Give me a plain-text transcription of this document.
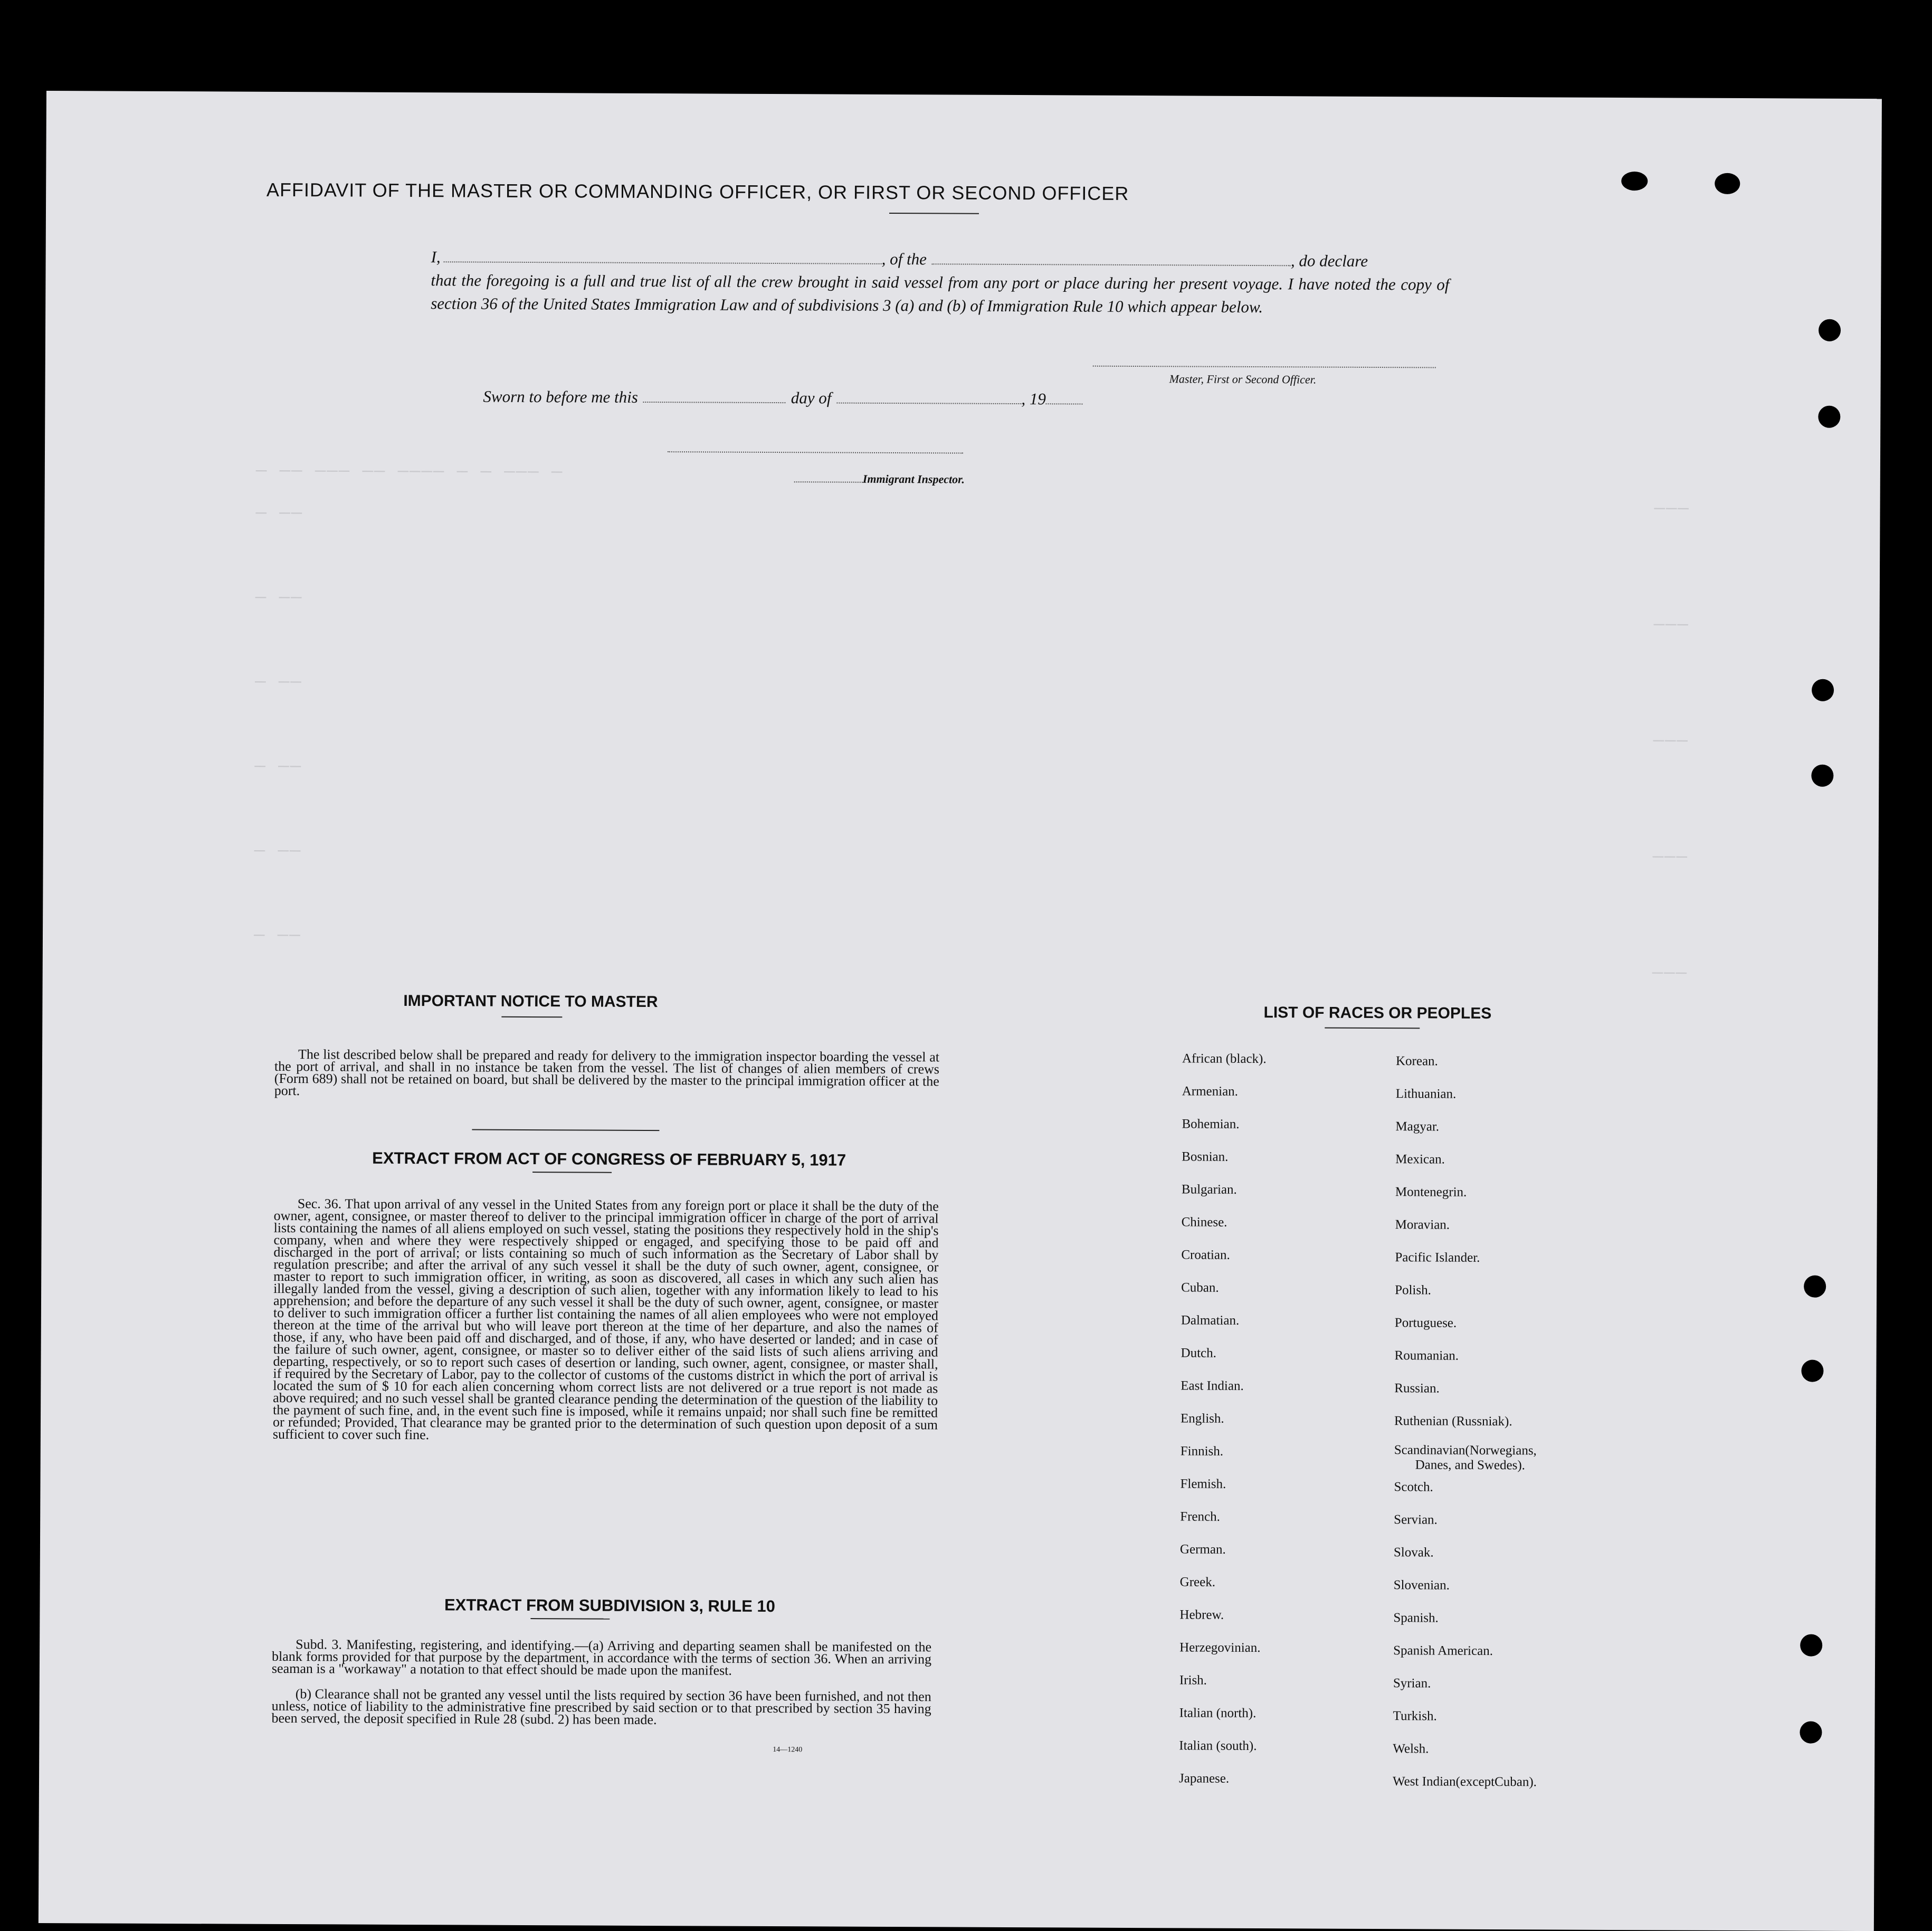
— —— ——— —— ———— — — ——— —
— ——
— ——
— ——
— ——
— ——
— ——
———
———
———
———
———
AFFIDAVIT OF THE MASTER OR COMMANDING OFFICER, OR FIRST OR SECOND OFFICER
I,	, of the	, do declare
that the foregoing is a full and true list of all the crew brought in said vessel from any port or place during her present voyage. I have noted the copy of section 36 of the United States Immigration Law and of subdivisions 3 (a) and (b) of Immigration Rule 10 which appear below.
Master, First or Second Officer.
Sworn to before me this	day of	, 19
Immigrant Inspector.
IMPORTANT NOTICE TO MASTER
The list described below shall be prepared and ready for delivery to the immigration inspector boarding the vessel at the port of arrival, and shall in no instance be taken from the vessel. The list of changes of alien members of crews (Form 689) shall not be retained on board, but shall be delivered by the master to the principal immigration officer at the port.
EXTRACT FROM ACT OF CONGRESS OF FEBRUARY 5, 1917
Sec. 36. That upon arrival of any vessel in the United States from any foreign port or place it shall be the duty of the owner, agent, consignee, or master thereof to deliver to the principal immigration officer in charge of the port of arrival lists containing the names of all aliens employed on such vessel, stating the positions they respectively hold in the ship's company, when and where they were respectively shipped or engaged, and specifying those to be paid off and discharged in the port of arrival; or lists containing so much of such information as the Secretary of Labor shall by regulation prescribe; and after the arrival of any such vessel it shall be the duty of such owner, agent, consignee, or master to report to such immigration officer, in writing, as soon as discovered, all cases in which any such alien has illegally landed from the vessel, giving a description of such alien, together with any information likely to lead to his apprehension; and before the departure of any such vessel it shall be the duty of such owner, agent, consignee, or master to deliver to such immigration officer a further list containing the names of all alien employees who were not employed thereon at the time of the arrival but who will leave port thereon at the time of her departure, and also the names of those, if any, who have been paid off and discharged, and of those, if any, who have deserted or landed; and in case of the failure of such owner, agent, consignee, or master so to deliver either of the said lists of such aliens arriving and departing, respectively, or so to report such cases of desertion or landing, such owner, agent, consignee, or master shall, if required by the Secretary of Labor, pay to the collector of customs of the customs district in which the port of arrival is located the sum of $ 10 for each alien concerning whom correct lists are not delivered or a true report is not made as above required; and no such vessel shall be granted clearance pending the determination of the question of the liability to the payment of such fine, and, in the event such fine is imposed, while it remains unpaid; nor shall such fine be remitted or refunded; Provided, That clearance may be granted prior to the determination of such question upon deposit of a sum sufficient to cover such fine.
EXTRACT FROM SUBDIVISION 3, RULE 10
Subd. 3. Manifesting, registering, and identifying.—(a) Arriving and departing seamen shall be manifested on the blank forms provided for that purpose by the department, in accordance with the terms of section 36. When an arriving seaman is a "workaway" a notation to that effect should be made upon the manifest.
(b) Clearance shall not be granted any vessel until the lists required by section 36 have been furnished, and not then unless, notice of liability to the administrative fine prescribed by said section or to that prescribed by section 35 having been served, the deposit specified in Rule 28 (subd. 2) has been made.
14—1240
LIST OF RACES OR PEOPLES
African (black).
Armenian.
Bohemian.
Bosnian.
Bulgarian.
Chinese.
Croatian.
Cuban.
Dalmatian.
Dutch.
East Indian.
English.
Finnish.
Flemish.
French.
German.
Greek.
Hebrew.
Herzegovinian.
Irish.
Italian (north).
Italian (south).
Japanese.
Korean.
Lithuanian.
Magyar.
Mexican.
Montenegrin.
Moravian.
Pacific Islander.
Polish.
Portuguese.
Roumanian.
Russian.
Ruthenian (Russniak).
Scandinavian(Norwegians,
Danes, and Swedes).
Scotch.
Servian.
Slovak.
Slovenian.
Spanish.
Spanish American.
Syrian.
Turkish.
Welsh.
West Indian(exceptCuban).
